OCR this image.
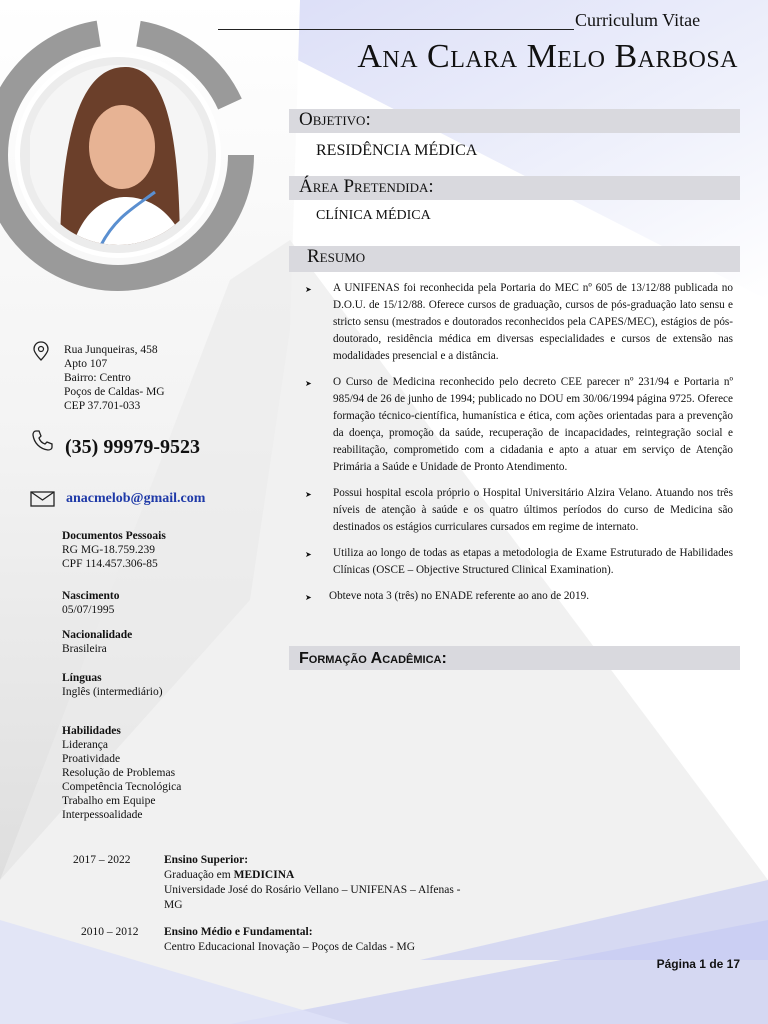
Curriculum Vitae
Ana Clara Melo Barbosa
Objetivo:
RESIDÊNCIA MÉDICA
Área Pretendida:
CLÍNICA MÉDICA
Resumo
➤	A UNIFENAS foi reconhecida pela Portaria do MEC nº 605 de 13/12/88 publicada no D.O.U. de 15/12/88. Oferece cursos de graduação, cursos de pós-graduação lato sensu e stricto sensu (mestrados e doutorados reconhecidos pela CAPES/MEC), estágios de pós-doutorado, residência médica em diversas especialidades e cursos de extensão nas modalidades presencial e a distância.
➤	O Curso de Medicina reconhecido pelo decreto CEE parecer nº 231/94 e Portaria nº 985/94 de 26 de junho de 1994; publicado no DOU em 30/06/1994 página 9725. Oferece formação técnico-científica, humanística e ética, com ações orientadas para a prevenção da doença, promoção da saúde, recuperação de incapacidades, reintegração social e reabilitação, comprometido com a cidadania e apto a atuar em serviço de Atenção Primária a Saúde e Unidade de Pronto Atendimento.
➤	Possui hospital escola próprio o Hospital Universitário Alzira Velano. Atuando nos três níveis de atenção à saúde e os quatro últimos períodos do curso de Medicina são destinados os estágios curriculares cursados em regime de internato.
➤	Utiliza ao longo de todas as etapas a metodologia de Exame Estruturado de Habilidades Clínicas (OSCE – Objective Structured Clinical Examination).
➤	Obteve nota 3 (três) no ENADE referente ao ano de 2019.
Formação Acadêmica:
Rua Junqueiras, 458
Apto 107
Bairro: Centro
Poços de Caldas- MG
CEP 37.701-033
(35) 99979-9523
anacmelob@gmail.com
Documentos Pessoais
RG MG-18.759.239
CPF 114.457.306-85
Nascimento
05/07/1995
Nacionalidade
Brasileira
Línguas
Inglês (intermediário)
Habilidades
Liderança
Proatividade
Resolução de Problemas
Competência Tecnológica
Trabalho em Equipe
Interpessoalidade
2017 – 2022	Ensino Superior:
Graduação em MEDICINA
Universidade José do Rosário Vellano – UNIFENAS – Alfenas -
MG
2010 – 2012 Ensino Médio e Fundamental:
Centro Educacional Inovação – Poços de Caldas - MG
Página 1 de 17
